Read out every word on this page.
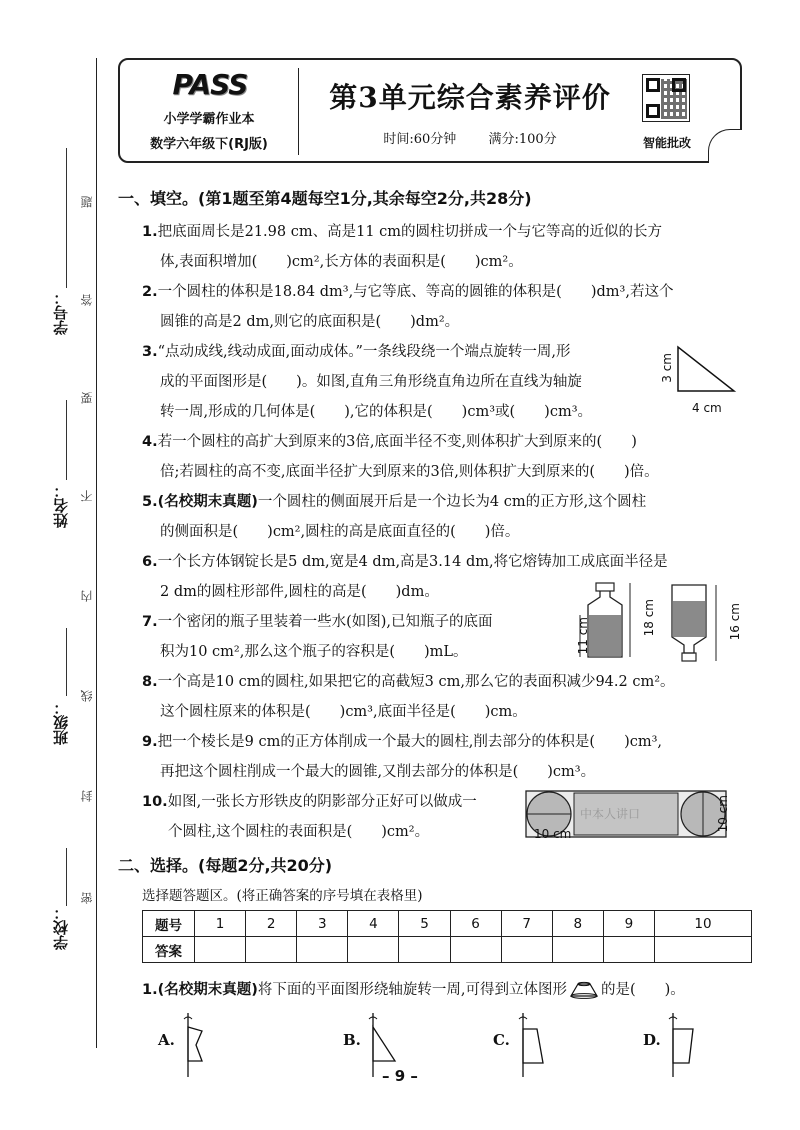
学校：
班级：
姓名：
学号：
密
封
线
内
不
要
答
题
PASS
小学学霸作业本
数学六年级下(RJ版)
第3单元综合素养评价
时间:60分钟 满分:100分	智能批改
一、填空。(第1题至第4题每空1分,其余每空2分,共28分)

1.把底面周长是21.98 cm、高是11 cm的圆柱切拼成一个与它等高的近似的长方

体,表面积增加(　　)cm²,长方体的表面积是(　　)cm²。

2.一个圆柱的体积是18.84 dm³,与它等底、等高的圆锥的体积是(　　)dm³,若这个

圆锥的高是2 dm,则它的底面积是(　　)dm²。

3.“点动成线,线动成面,面动成体。”一条线段绕一个端点旋转一周,形

成的平面图形是(　　)。如图,直角三角形绕直角边所在直线为轴旋

转一周,形成的几何体是(　　),它的体积是(　　)cm³或(　　)cm³。

3 cm
4 cm

4.若一个圆柱的高扩大到原来的3倍,底面半径不变,则体积扩大到原来的(　　)

倍;若圆柱的高不变,底面半径扩大到原来的3倍,则体积扩大到原来的(　　)倍。

5.(名校期末真题)一个圆柱的侧面展开后是一个边长为4 cm的正方形,这个圆柱

的侧面积是(　　)cm²,圆柱的高是底面直径的(　　)倍。

6.一个长方体钢锭长是5 dm,宽是4 dm,高是3.14 dm,将它熔铸加工成底面半径是

2 dm的圆柱形部件,圆柱的高是(　　)dm。

7.一个密闭的瓶子里装着一些水(如图),已知瓶子的底面

积为10 cm²,那么这个瓶子的容积是(　　)mL。	11 cm	18 cm	16 cm

8.一个高是10 cm的圆柱,如果把它的高截短3 cm,那么它的表面积减少94.2 cm²。

这个圆柱原来的体积是(　　)cm³,底面半径是(　　)cm。

9.把一个棱长是9 cm的正方体削成一个最大的圆柱,削去部分的体积是(　　)cm³,

再把这个圆柱削成一个最大的圆锥,又削去部分的体积是(　　)cm³。

10.如图,一张长方形铁皮的阴影部分正好可以做成一

个圆柱,这个圆柱的表面积是(　　)cm²。	10 cm
中本人讲口	10 cm
二、选择。(每题2分,共20分)
选择题答题区。(将正确答案的序号填在表格里)
题号	1	2	3	4	5	6	7	8	9	10
答案										

1.(名校期末真题)将下面的平面图形绕轴旋转一周,可得到立体图形 的是(　　)。

A.	B.	C.	D.
– 9 –
